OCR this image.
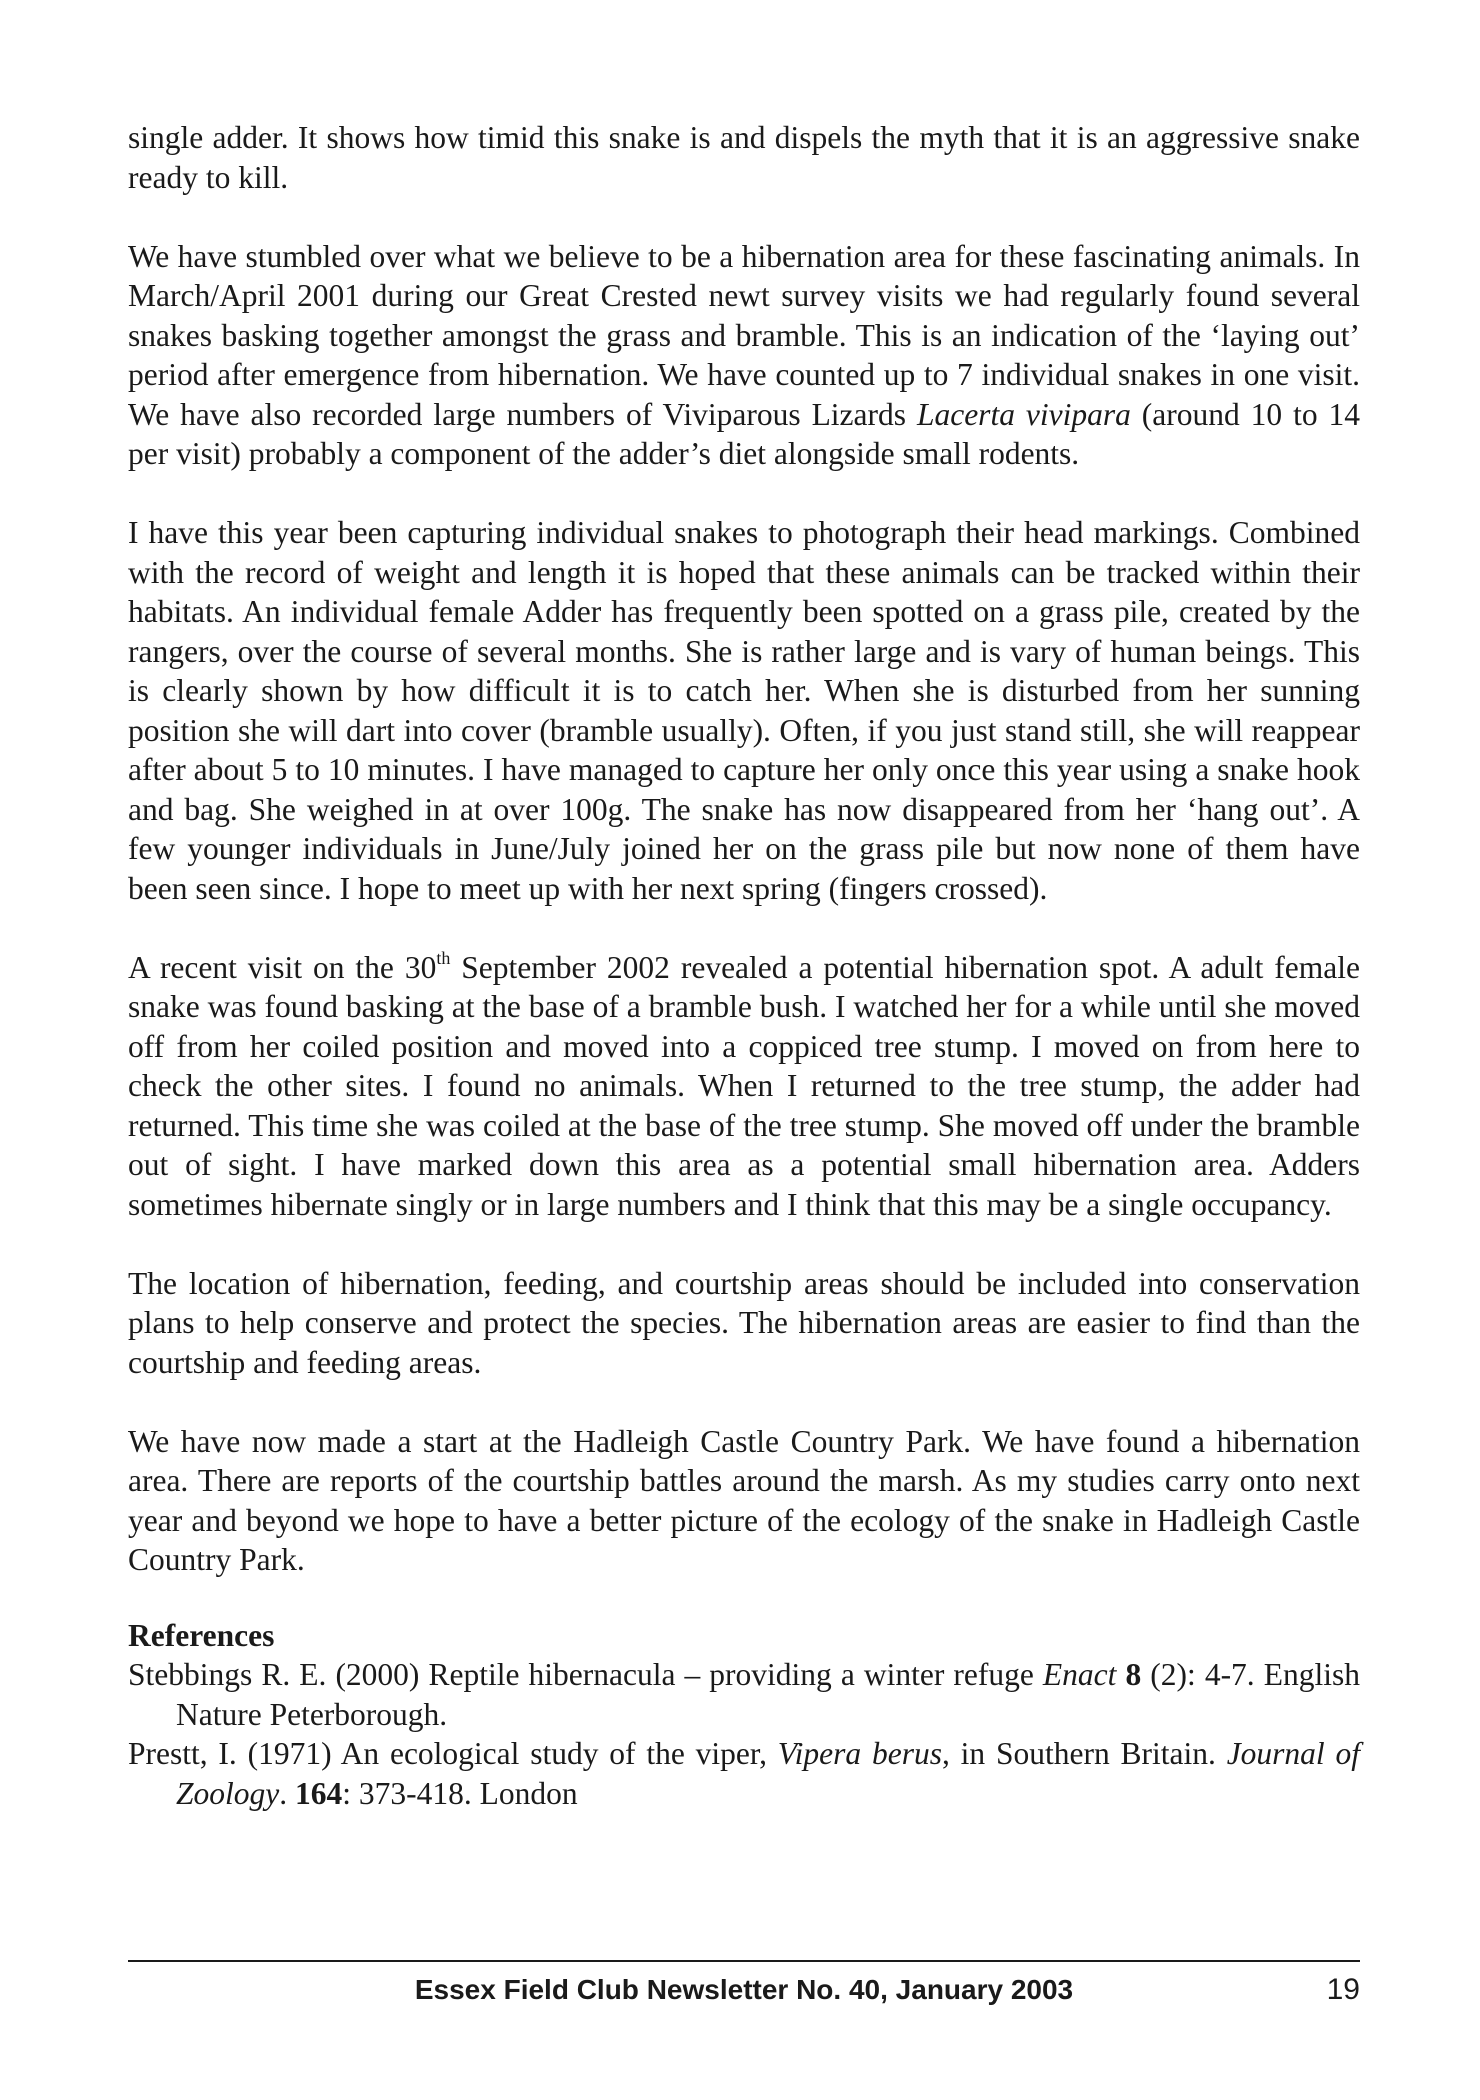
single adder. It shows how timid this snake is and dispels the myth that it is an aggressive snake ready to kill.

We have stumbled over what we believe to be a hibernation area for these fascinating animals. In March/April 2001 during our Great Crested newt survey visits we had regularly found several snakes basking together amongst the grass and bramble. This is an indication of the ‘laying out’ period after emergence from hibernation. We have counted up to 7 individual snakes in one visit. We have also recorded large numbers of Viviparous Lizards Lacerta vivipara (around 10 to 14 per visit) probably a component of the adder’s diet alongside small rodents.

I have this year been capturing individual snakes to photograph their head markings. Combined with the record of weight and length it is hoped that these animals can be tracked within their habitats. An individual female Adder has frequently been spotted on a grass pile, created by the rangers, over the course of several months. She is rather large and is vary of human beings. This is clearly shown by how difficult it is to catch her. When she is disturbed from her sunning position she will dart into cover (bramble usually). Often, if you just stand still, she will reappear after about 5 to 10 minutes. I have managed to capture her only once this year using a snake hook and bag. She weighed in at over 100g. The snake has now disappeared from her ‘hang out’. A few younger individuals in June/July joined her on the grass pile but now none of them have been seen since. I hope to meet up with her next spring (fingers crossed).

A recent visit on the 30th September 2002 revealed a potential hibernation spot. A adult female snake was found basking at the base of a bramble bush. I watched her for a while until she moved off from her coiled position and moved into a coppiced tree stump. I moved on from here to check the other sites. I found no animals. When I returned to the tree stump, the adder had returned. This time she was coiled at the base of the tree stump. She moved off under the bramble out of sight. I have marked down this area as a potential small hibernation area. Adders sometimes hibernate singly or in large numbers and I think that this may be a single occupancy.

The location of hibernation, feeding, and courtship areas should be included into conservation plans to help conserve and protect the species. The hibernation areas are easier to find than the courtship and feeding areas.

We have now made a start at the Hadleigh Castle Country Park. We have found a hibernation area. There are reports of the courtship battles around the marsh. As my studies carry onto next year and beyond we hope to have a better picture of the ecology of the snake in Hadleigh Castle Country Park.

References

Stebbings R. E. (2000) Reptile hibernacula – providing a winter refuge Enact 8 (2): 4-7. English Nature Peterborough.

Prestt, I. (1971) An ecological study of the viper, Vipera berus, in Southern Britain. Journal of Zoology. 164: 373-418. London

Essex Field Club Newsletter No. 40, January 2003	19
